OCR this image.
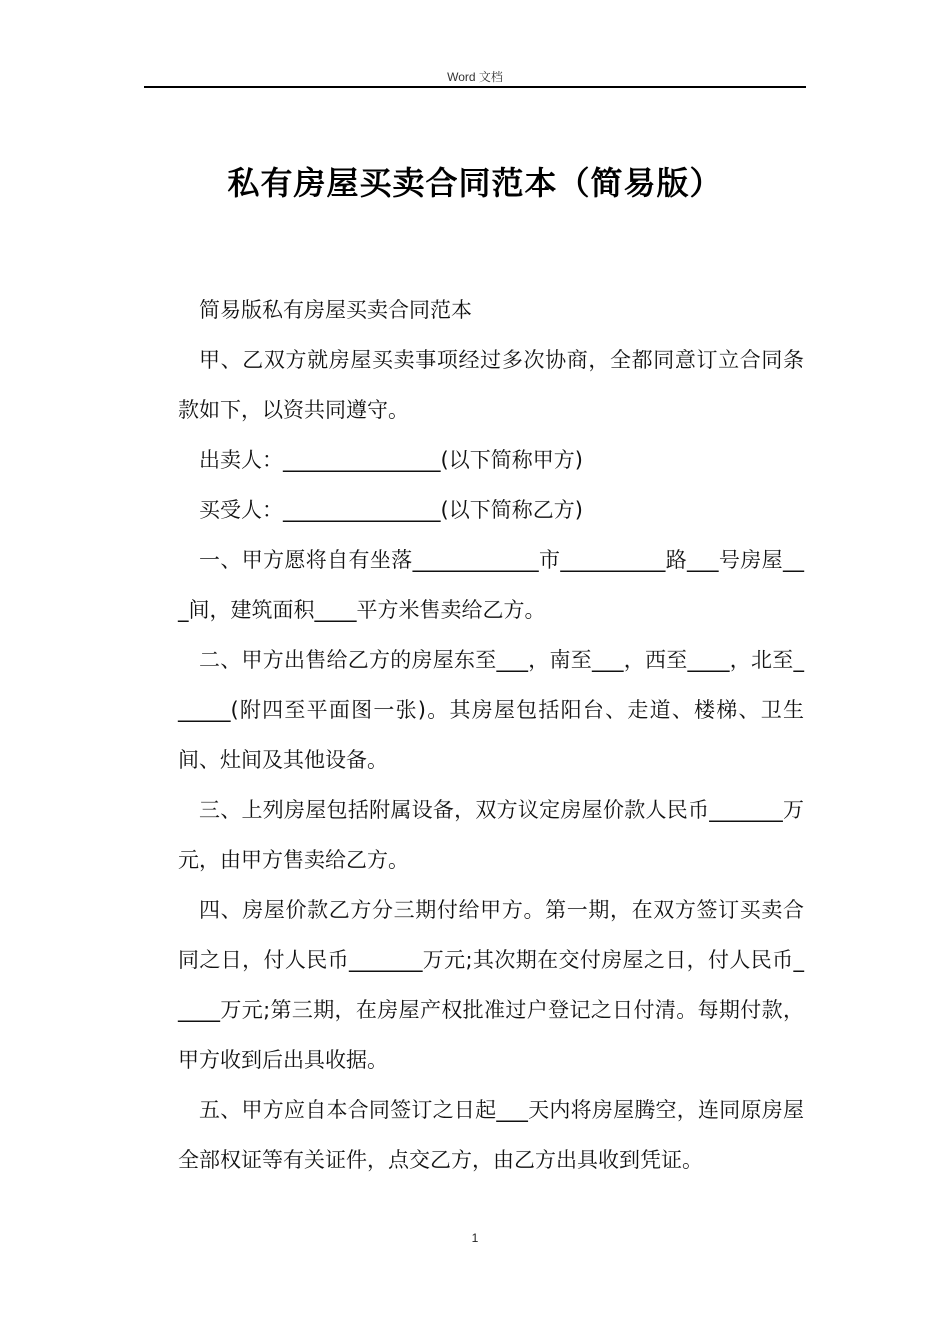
Word 文档
私有房屋买卖合同范本（简易版）

简易版私有房屋买卖合同范本

甲、乙双方就房屋买卖事项经过多次协商，全都同意订立合同条款如下，以资共同遵守。

出卖人：_______________(以下简称甲方)

买受人：_______________(以下简称乙方)

一、甲方愿将自有坐落____________市__________路___号房屋___间，建筑面积____平方米售卖给乙方。

二、甲方出售给乙方的房屋东至___，南至___，西至____，北至______(附四至平面图一张)。其房屋包括阳台、走道、楼梯、卫生间、灶间及其他设备。

三、上列房屋包括附属设备，双方议定房屋价款人民币_______万元，由甲方售卖给乙方。

四、房屋价款乙方分三期付给甲方。第一期，在双方签订买卖合同之日，付人民币_______万元;其次期在交付房屋之日，付人民币_____万元;第三期，在房屋产权批准过户登记之日付清。每期付款，甲方收到后出具收据。

五、甲方应自本合同签订之日起___天内将房屋腾空，连同原房屋全部权证等有关证件，点交乙方，由乙方出具收到凭证。

1
